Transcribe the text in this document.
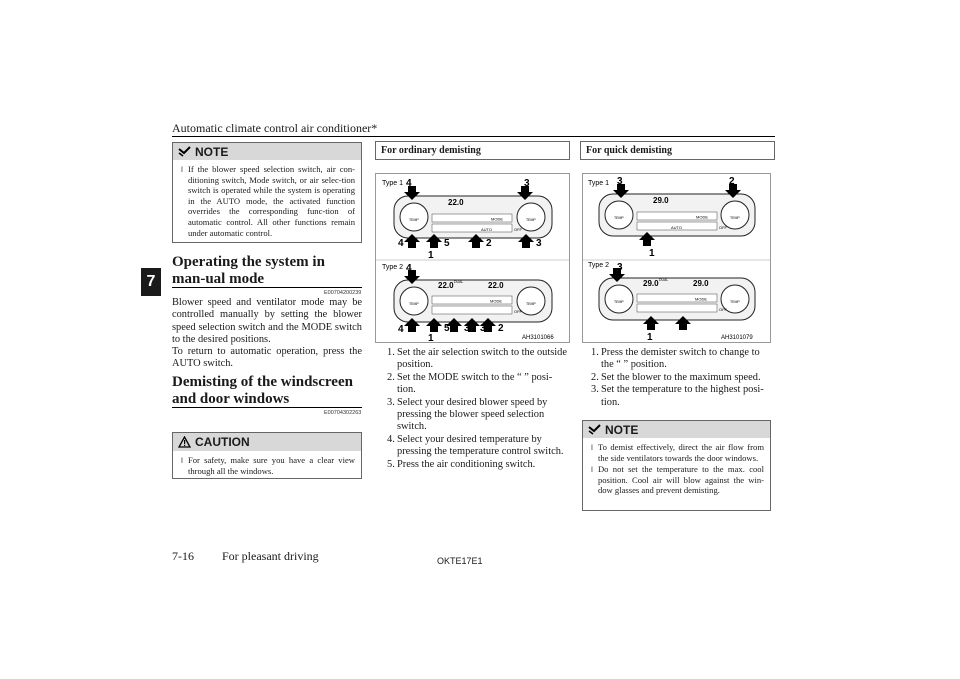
Automatic climate control air conditioner*
7
NOTE
l If the blower speed selection switch, air con-ditioning switch, Mode switch, or air selec-tion switch is operated while the system is operating in the AUTO mode, the activated function overrides the corresponding func-tion of automatic control. All other functions remain under automatic control.
Operating the system in man-ual mode
E00704200239

Blower speed and ventilator mode may be controlled manually by setting the blower speed selection switch and the MODE switch to the desired positions.

To return to automatic operation, press the AUTO switch.

Demisting of the windscreen and door windows
E00704302263
CAUTION
l For safety, make sure you have a clear view through all the windows.
For ordinary demisting
Type 1
Type 2
TEMP	TEMP
22.0
AUTO
MODE
OFF
4	3
4	5	2	3
1
TEMP	TEMP
22.0 DUAL	22.0
MODE
OFF
4
4	5 3 3 2
1	AH3101066
1. Set the air selection switch to the outside position.
2. Set the MODE switch to the “ ” posi-tion.
3. Select your desired blower speed by pressing the blower speed selection switch.
4. Select your desired temperature by pressing the temperature control switch.
5. Press the air conditioning switch.
For quick demisting
Type 1
Type 2
TEMP	TEMP
29.0
AUTO
MODE
OFF
3	2
1
TEMP	TEMP
29.0 DUAL	29.0
MODE
OFF
3
1
2
AH3101079
1. Press the demister switch to change to the “ ” position.
2. Set the blower to the maximum speed.
3. Set the temperature to the highest posi-tion.
NOTE
l To demist effectively, direct the air flow from the side ventilators towards the door windows.
l Do not set the temperature to the max. cool position. Cool air will blow against the win-dow glasses and prevent demisting.
7-16 For pleasant driving	OKTE17E1
